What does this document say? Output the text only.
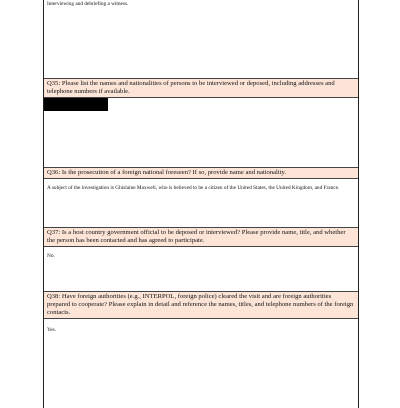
Interviewing and debriefing a witness.
Q35: Please list the names and nationalities of persons to be interviewed or deposed, including addresses and telephone numbers if available.
Q36: Is the prosecution of a foreign national foreseen? If so, provide name and nationality.
A subject of the investigation is Ghislaine Maxwell, who is believed to be a citizen of the United States, the United Kingdom, and France.
Q37: Is a host country government official to be deposed or interviewed? Please provide name, title, and whether the person has been contacted and has agreed to participate.
No.
Q38: Have foreign authorities (e.g., INTERPOL, foreign police) cleared the visit and are foreign authorities prepared to cooperate? Please explain in detail and reference the names, titles, and telephone numbers of the foreign contacts.
Yes.
